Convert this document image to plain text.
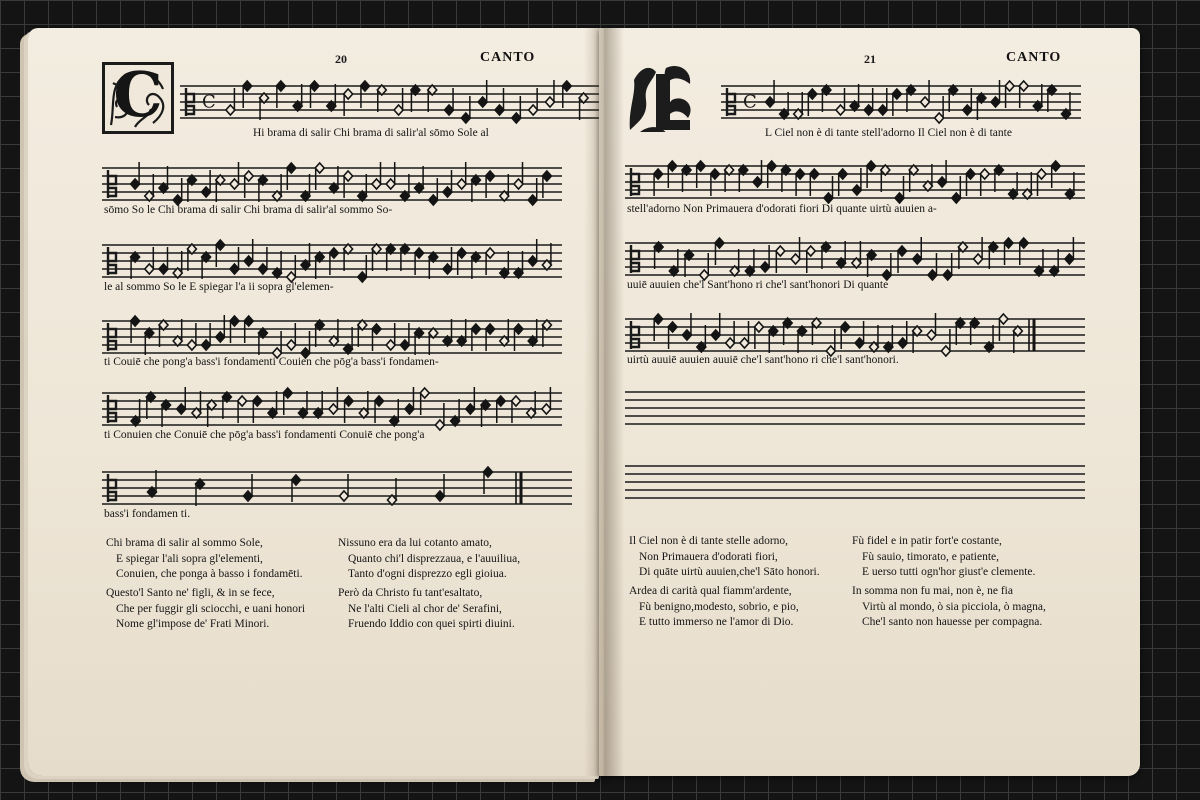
20	CANTO
C	C
Hi brama di salir Chi brama di salir'al sōmo Sole al
sōmo So le Chi brama di salir Chi brama di salir'al sommo So-
le al sommo So le E spiegar l'a ii sopra gl'elemen-
ti Couiē che pong'a bass'i fondamenti Couien che pōg'a bass'i fondamen-
ti Conuien che Conuiē che pōg'a bass'i fondamenti Conuiē che pong'a
bass'i fondamen ti.
Chi brama di salir al sommo Sole,
E spiegar l'ali sopra gl'elementi,
Conuien, che ponga à basso i fondamēti.
Nissuno era da lui cotanto amato,
Quanto chi'l disprezzaua, e l'auuiliua,
Tanto d'ogni disprezzo egli gioiua.
Questo'l Santo ne' figli, & in se fece,
Che per fuggir gli sciocchi, e uani honori
Nome gl'impose de' Frati Minori.
Però da Christo fu tant'esaltato,
Ne l'alti Cieli al chor de' Serafini,
Fruendo Iddio con quei spirti diuini.
21	CANTO
C
L Ciel non è di tante stell'adorno Il Ciel non è di tante
stell'adorno Non Primauera d'odorati fiori Di quante uirtù auuien a-
uuiē auuien che'l Sant'hono ri che'l sant'honori Di quante
uirtù auuiē auuien auuiē che'l sant'hono ri che'l sant'honori.
Il Ciel non è di tante stelle adorno,
Non Primauera d'odorati fiori,
Di quāte uirtù auuien,che'l Sāto honori.
Fù fidel e in patir fort'e costante,
Fù sauio, timorato, e patiente,
E uerso tutti ogn'hor giust'e clemente.
Ardea di carità qual fiamm'ardente,
Fù benigno,modesto, sobrio, e pio,
E tutto immerso ne l'amor di Dio.
In somma non fu mai, non è, ne fia
Virtù al mondo, ò sia picciola, ò magna,
Che'l santo non hauesse per compagna.
